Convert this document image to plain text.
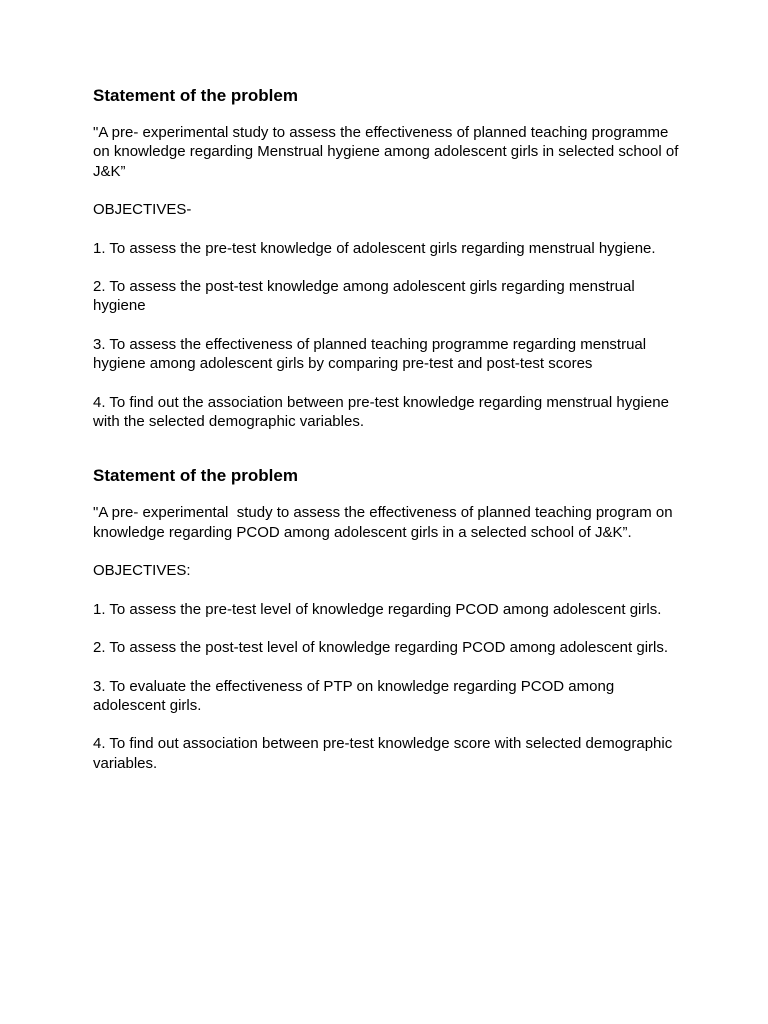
Statement of the problem
"A pre- experimental study to assess the effectiveness of planned teaching programme on knowledge regarding Menstrual hygiene among adolescent girls in selected school of J&K”
OBJECTIVES-
1. To assess the pre-test knowledge of adolescent girls regarding menstrual hygiene.
2. To assess the post-test knowledge among adolescent girls regarding menstrual hygiene
3. To assess the effectiveness of planned teaching programme regarding menstrual hygiene among adolescent girls by comparing pre-test and post-test scores
4. To find out the association between pre-test knowledge regarding menstrual hygiene with the selected demographic variables.
Statement of the problem
"A pre- experimental  study to assess the effectiveness of planned teaching program on knowledge regarding PCOD among adolescent girls in a selected school of J&K”.
OBJECTIVES:
1. To assess the pre-test level of knowledge regarding PCOD among adolescent girls.
2. To assess the post-test level of knowledge regarding PCOD among adolescent girls.
3. To evaluate the effectiveness of PTP on knowledge regarding PCOD among adolescent girls.
4. To find out association between pre-test knowledge score with selected demographic variables.
